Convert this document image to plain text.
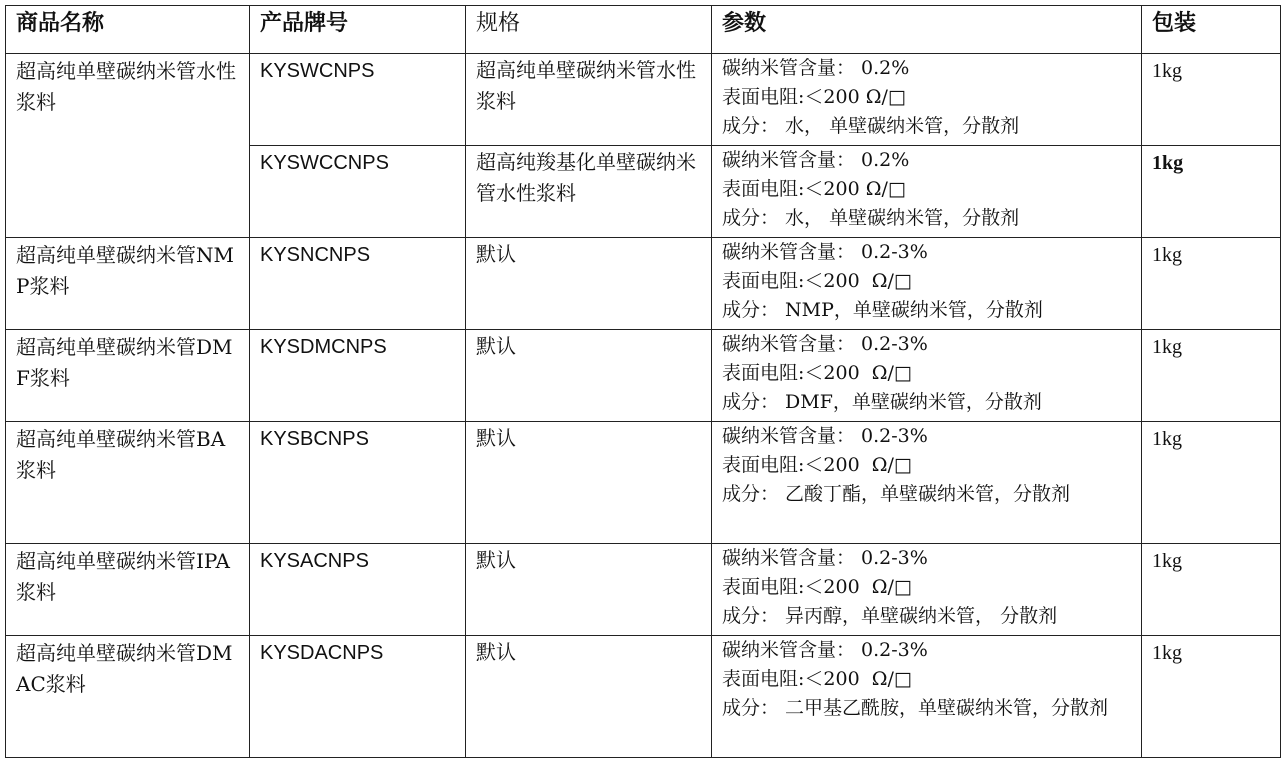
商品名称	产品牌号	规格	参数	包装
超高纯单壁碳纳米管水性浆料	KYSWCNPS	超高纯单壁碳纳米管水性浆料	碳纳米管含量： 0.2%
表面电阻:＜200 Ω/□
成分： 水， 单壁碳纳米管，分散剂	1kg
	KYSWCCNPS	超高纯羧基化单壁碳纳米管水性浆料	碳纳米管含量： 0.2%
表面电阻:＜200 Ω/□
成分： 水， 单壁碳纳米管，分散剂	1kg
超高纯单壁碳纳米管NMP浆料	KYSNCNPS	默认	碳纳米管含量： 0.2-3%
表面电阻:＜200  Ω/□
成分： NMP，单壁碳纳米管，分散剂	1kg
超高纯单壁碳纳米管DMF浆料	KYSDMCNPS	默认	碳纳米管含量： 0.2-3%
表面电阻:＜200  Ω/□
成分： DMF，单壁碳纳米管，分散剂	1kg
超高纯单壁碳纳米管BA浆料	KYSBCNPS	默认	碳纳米管含量： 0.2-3%
表面电阻:＜200  Ω/□
成分： 乙酸丁酯，单壁碳纳米管，分散剂	1kg
超高纯单壁碳纳米管IPA浆料	KYSACNPS	默认	碳纳米管含量： 0.2-3%
表面电阻:＜200  Ω/□
成分： 异丙醇，单壁碳纳米管， 分散剂	1kg
超高纯单壁碳纳米管DMAC浆料	KYSDACNPS	默认	碳纳米管含量： 0.2-3%
表面电阻:＜200  Ω/□
成分： 二甲基乙酰胺，单壁碳纳米管，分散剂	1kg
